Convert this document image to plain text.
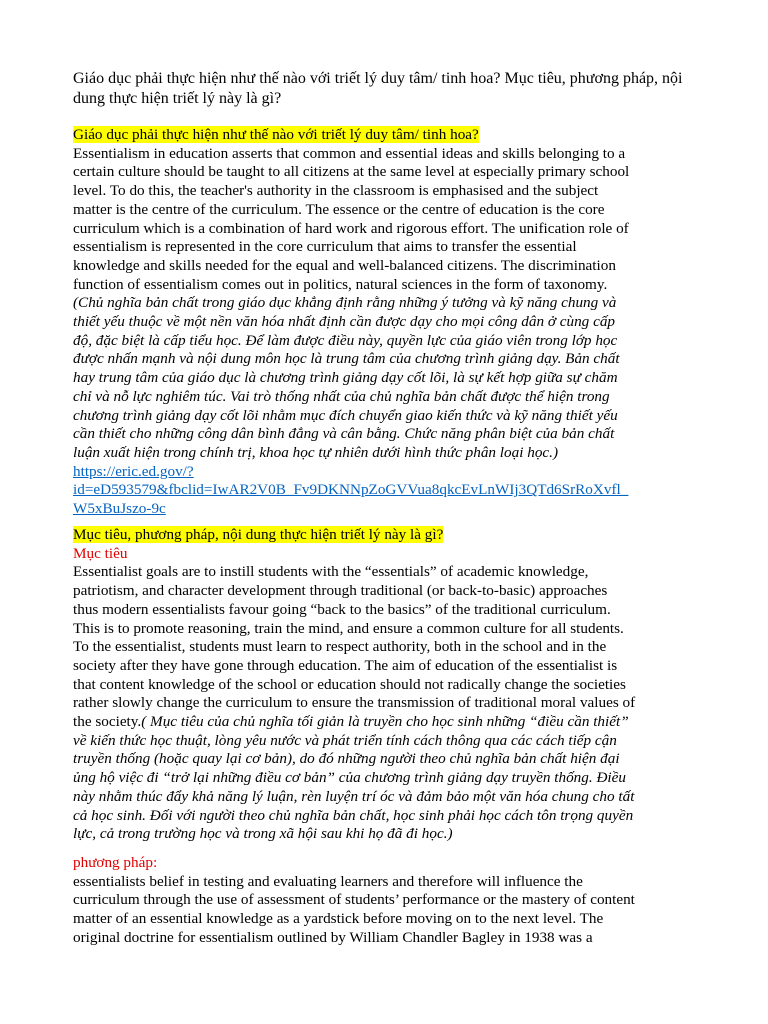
Giáo dục phải thực hiện như thế nào với triết lý duy tâm/ tinh hoa? Mục tiêu, phương pháp, nội dung thực hiện triết lý này là gì?
Giáo dục phải thực hiện như thế nào với triết lý duy tâm/ tinh hoa?
Essentialism in education asserts that common and essential ideas and skills belonging to a
certain culture should be taught to all citizens at the same level at especially primary school
level. To do this, the teacher's authority in the classroom is emphasised and the subject
matter is the centre of the curriculum. The essence or the centre of education is the core
curriculum which is a combination of hard work and rigorous effort. The unification role of
essentialism is represented in the core curriculum that aims to transfer the essential
knowledge and skills needed for the equal and well-balanced citizens. The discrimination
function of essentialism comes out in politics, natural sciences in the form of taxonomy.
(Chủ nghĩa bản chất trong giáo dục khẳng định rằng những ý tưởng và kỹ năng chung và
thiết yếu thuộc về một nền văn hóa nhất định cần được dạy cho mọi công dân ở cùng cấp
độ, đặc biệt là cấp tiểu học. Để làm được điều này, quyền lực của giáo viên trong lớp học
được nhấn mạnh và nội dung môn học là trung tâm của chương trình giảng dạy. Bản chất
hay trung tâm của giáo dục là chương trình giảng dạy cốt lõi, là sự kết hợp giữa sự chăm
chỉ và nỗ lực nghiêm túc. Vai trò thống nhất của chủ nghĩa bản chất được thể hiện trong
chương trình giảng dạy cốt lõi nhằm mục đích chuyển giao kiến thức và kỹ năng thiết yếu
cần thiết cho những công dân bình đẳng và cân bằng. Chức năng phân biệt của bản chất
luận xuất hiện trong chính trị, khoa học tự nhiên dưới hình thức phân loại học.)
https://eric.ed.gov/?
id=eD593579&fbclid=IwAR2V0B_Fv9DKNNpZoGVVua8qkcEvLnWIj3QTd6SrRoXvfl_
W5xBuJszo-9c
Mục tiêu, phương pháp, nội dung thực hiện triết lý này là gì?
Mục tiêu
Essentialist goals are to instill students with the “essentials” of academic knowledge,
patriotism, and character development through traditional (or back-to-basic) approaches
thus modern essentialists favour going “back to the basics” of the traditional curriculum.
This is to promote reasoning, train the mind, and ensure a common culture for all students.
To the essentialist, students must learn to respect authority, both in the school and in the
society after they have gone through education. The aim of education of the essentialist is
that content knowledge of the school or education should not radically change the societies
rather slowly change the curriculum to ensure the transmission of traditional moral values of
the society.( Mục tiêu của chủ nghĩa tối giản là truyền cho học sinh những “điều cần thiết”
về kiến thức học thuật, lòng yêu nước và phát triển tính cách thông qua các cách tiếp cận
truyền thống (hoặc quay lại cơ bản), do đó những người theo chủ nghĩa bản chất hiện đại
ủng hộ việc đi “trở lại những điều cơ bản” của chương trình giảng dạy truyền thống. Điều
này nhằm thúc đẩy khả năng lý luận, rèn luyện trí óc và đảm bảo một văn hóa chung cho tất
cả học sinh. Đối với người theo chủ nghĩa bản chất, học sinh phải học cách tôn trọng quyền
lực, cả trong trường học và trong xã hội sau khi họ đã đi học.)
phương pháp:
essentialists belief in testing and evaluating learners and therefore will influence the
curriculum through the use of assessment of students’ performance or the mastery of content
matter of an essential knowledge as a yardstick before moving on to the next level. The
original doctrine for essentialism outlined by William Chandler Bagley in 1938 was a
